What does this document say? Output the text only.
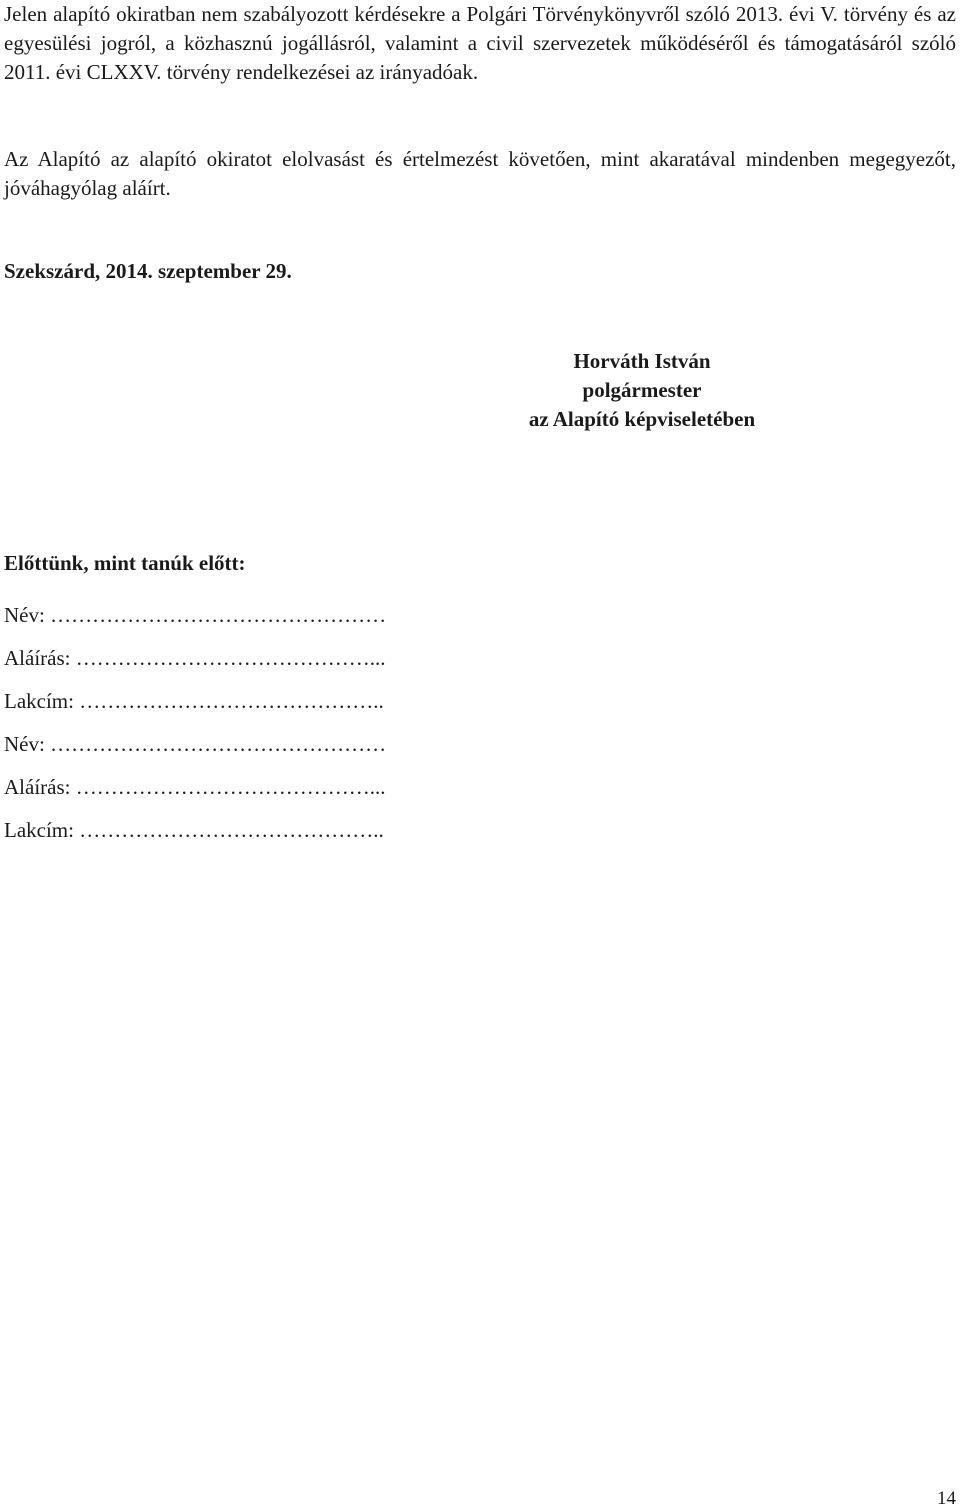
Jelen alapító okiratban nem szabályozott kérdésekre a Polgári Törvénykönyvről szóló 2013. évi V. törvény és az egyesülési jogról, a közhasznú jogállásról, valamint a civil szervezetek működéséről és támogatásáról szóló 2011. évi CLXXV. törvény rendelkezései az irányadóak.

Az Alapító az alapító okiratot elolvasást és értelmezést követően, mint akaratával mindenben megegyezőt, jóváhagyólag aláírt.

Szekszárd, 2014. szeptember 29.
Horváth István
polgármester
az Alapító képviseletében
Előttünk, mint tanúk előtt:
Név: …………………………………………
Aláírás: ……………………………………...
Lakcím: ……………………………………..
Név: …………………………………………
Aláírás: ……………………………………...
Lakcím: ……………………………………..
14
